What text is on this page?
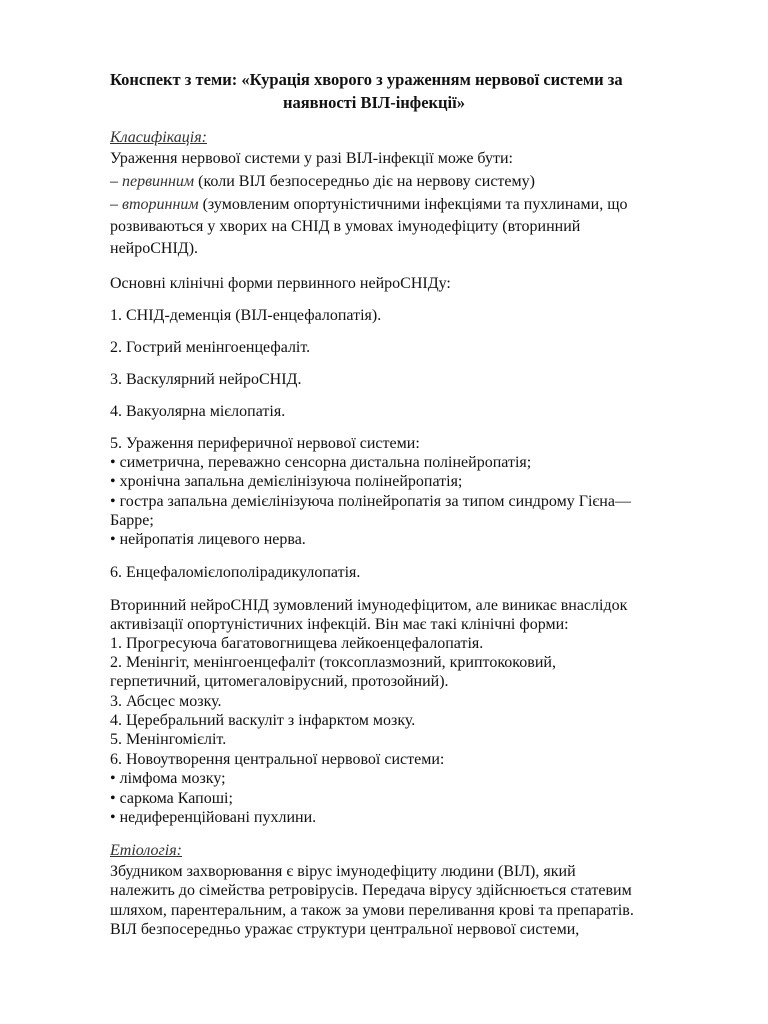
Конспект з теми: «Курація хворого з ураженням нервової системи за
наявності ВІЛ-інфекції»
Класифікація:
Ураження нервової системи у разі ВІЛ-інфекції може бути:
– первинним (коли ВІЛ безпосередньо діє на нервову систему)
– вторинним (зумовленим опортуністичними інфекціями та пухлинами, що
розвиваються у хворих на СНІД в умовах імунодефіциту (вторинний
нейроСНІД).
Основні клінічні форми первинного нейроСНІДу:
1. СНІД-деменція (ВІЛ-енцефалопатія).
2. Гострий менінгоенцефаліт.
3. Васкулярний нейроСНІД.
4. Вакуолярна мієлопатія.
5. Ураження периферичної нервової системи:
• симетрична, переважно сенсорна дистальна полінейропатія;
• хронічна запальна демієлінізуюча полінейропатія;
• гостра запальна демієлінізуюча полінейропатія за типом синдрому Гієна—
Барре;
• нейропатія лицевого нерва.
6. Енцефаломієлополірадикулопатія.
Вторинний нейроСНІД зумовлений імунодефіцитом, але виникає внаслідок
активізації опортуністичних інфекцій. Він має такі клінічні форми:
1. Прогресуюча багатовогнищева лейкоенцефалопатія.
2. Менінгіт, менінгоенцефаліт (токсоплазмозний, криптококовий,
герпетичний, цитомегаловірусний, протозойний).
3. Абсцес мозку.
4. Церебральний васкуліт з інфарктом мозку.
5. Менінгомієліт.
6. Новоутворення центральної нервової системи:
• лімфома мозку;
• саркома Капоші;
• недиференційовані пухлини.
Етіологія:
Збудником захворювання є вірус імунодефіциту людини (ВІЛ), який
належить до сімейства ретровірусів. Передача вірусу здійснюється статевим
шляхом, парентеральним, а також за умови переливання крові та препаратів.
ВІЛ безпосередньо уражає структури центральної нервової системи,
